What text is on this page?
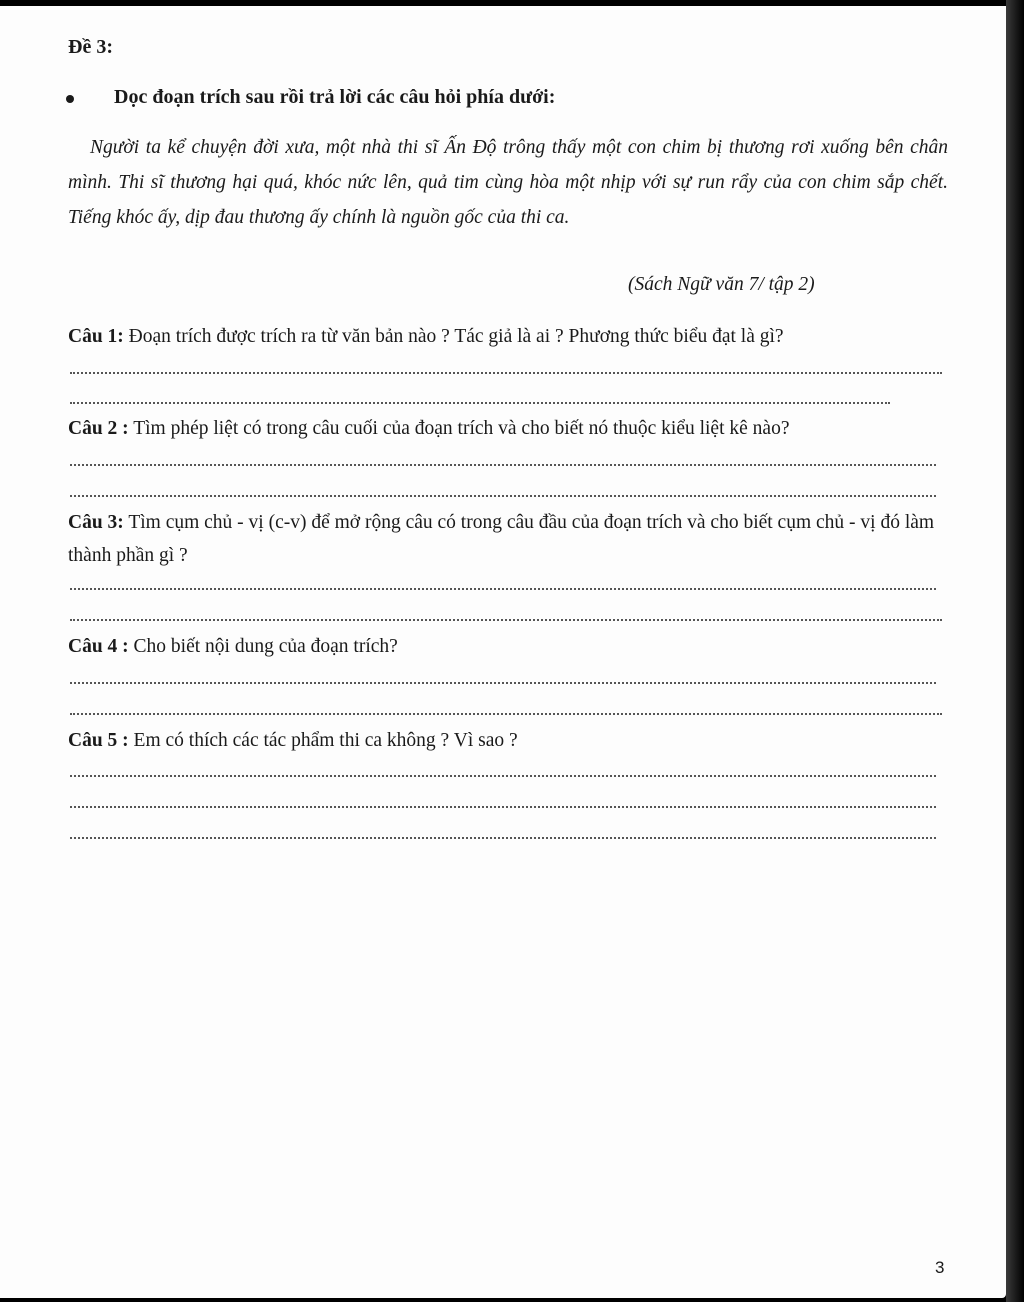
Đề 3:
Dọc đoạn trích sau rồi trả lời các câu hỏi phía dưới:

Người ta kể chuyện đời xưa, một nhà thi sĩ Ấn Độ trông thấy một con chim bị thương rơi xuống bên chân mình. Thi sĩ thương hại quá, khóc nức lên, quả tim cùng hòa một nhịp với sự run rẩy của con chim sắp chết. Tiếng khóc ấy, dịp đau thương ấy chính là nguồn gốc của thi ca.

(Sách Ngữ văn 7/ tập 2)

Câu 1: Đoạn trích được trích ra từ văn bản nào ? Tác giả là ai ? Phương thức biểu đạt là gì?

Câu 2 : Tìm phép liệt có trong câu cuối của đoạn trích và cho biết nó thuộc kiểu liệt kê nào?

Câu 3: Tìm cụm chủ - vị (c-v) để mở rộng câu có trong câu đầu của đoạn trích và cho biết cụm chủ - vị đó làm thành phần gì ?

Câu 4 : Cho biết nội dung của đoạn trích?

Câu 5 : Em có thích các tác phẩm thi ca không ? Vì sao ?

3
